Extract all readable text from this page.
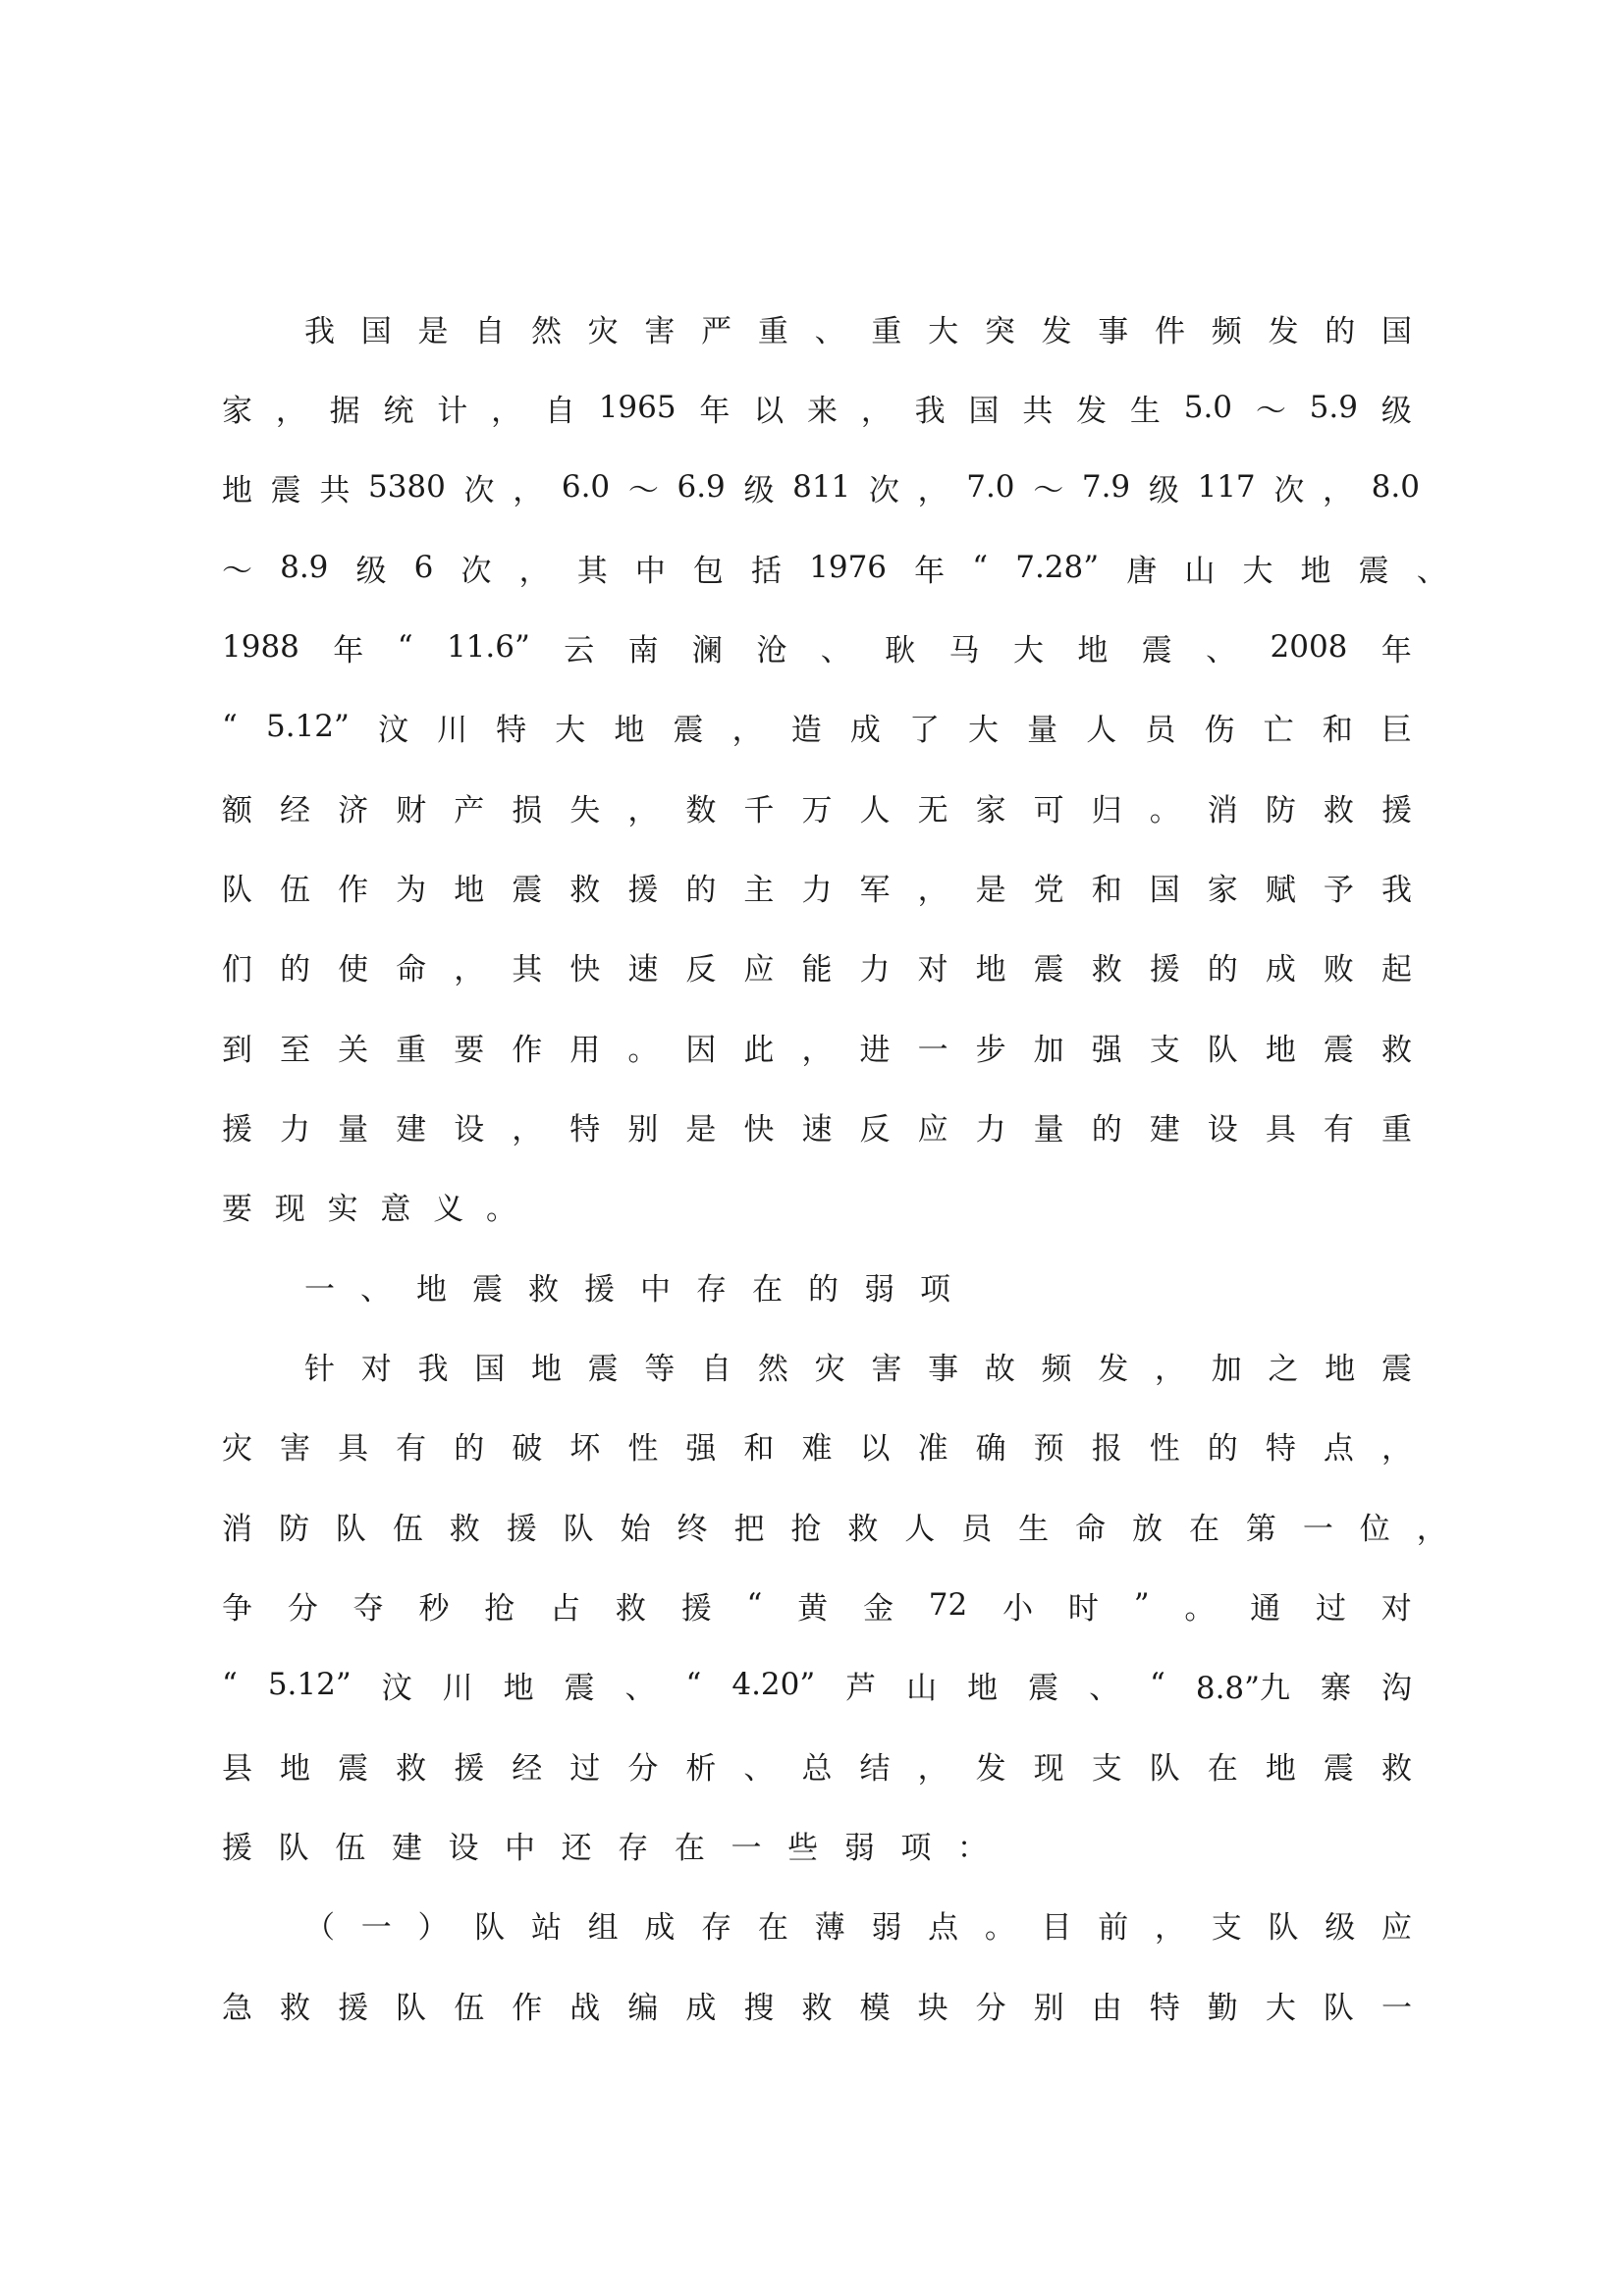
我 国 是 自 然 灾 害 严 重 、 重 大 突 发 事 件 频 发 的 国
家 ， 据 统 计 ， 自 1965 年 以 来 ， 我 国 共 发 生 5.0 ～ 5.9 级
地 震 共 5380 次 ， 6.0 ～ 6.9 级 811 次 ， 7.0 ～ 7.9 级 117 次 ， 8.0
～ 8.9 级 6 次 ， 其 中 包 括 1976 年 “ 7.28” 唐 山 大 地 震 、
1988 年 “ 11.6” 云 南 澜 沧 、 耿 马 大 地 震 、 2008 年
“ 5.12” 汶 川 特 大 地 震 ， 造 成 了 大 量 人 员 伤 亡 和 巨
额 经 济 财 产 损 失 ， 数 千 万 人 无 家 可 归 。 消 防 救 援
队 伍 作 为 地 震 救 援 的 主 力 军 ， 是 党 和 国 家 赋 予 我
们 的 使 命 ， 其 快 速 反 应 能 力 对 地 震 救 援 的 成 败 起
到 至 关 重 要 作 用 。 因 此 ， 进 一 步 加 强 支 队 地 震 救
援 力 量 建 设 ， 特 别 是 快 速 反 应 力 量 的 建 设 具 有 重
要 现 实 意 义 。
一 、 地 震 救 援 中 存 在 的 弱 项
针 对 我 国 地 震 等 自 然 灾 害 事 故 频 发 ， 加 之 地 震
灾 害 具 有 的 破 坏 性 强 和 难 以 准 确 预 报 性 的 特 点 ，
消 防 队 伍 救 援 队 始 终 把 抢 救 人 员 生 命 放 在 第 一 位 ，
争 分 夺 秒 抢 占 救 援 “ 黄 金 72 小 时 ” 。 通 过 对
“ 5.12” 汶 川 地 震 、 “ 4.20” 芦 山 地 震 、 “ 8.8”九 寨 沟
县 地 震 救 援 经 过 分 析 、 总 结 ， 发 现 支 队 在 地 震 救
援 队 伍 建 设 中 还 存 在 一 些 弱 项 ：
（ 一 ） 队 站 组 成 存 在 薄 弱 点 。 目 前 ， 支 队 级 应
急 救 援 队 伍 作 战 编 成 搜 救 模 块 分 别 由 特 勤 大 队 一
